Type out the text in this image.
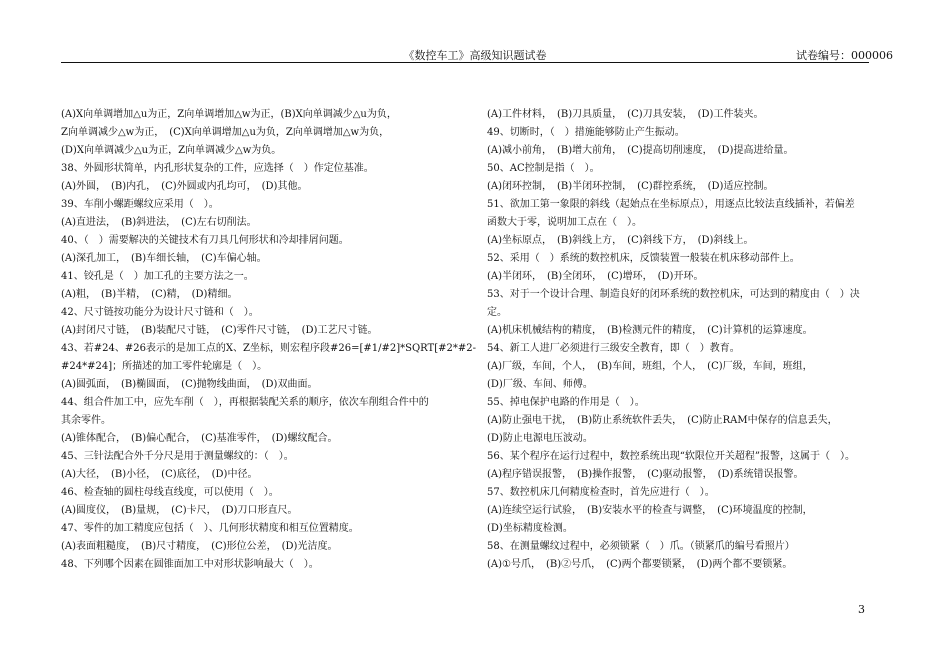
《数控车工》高级知识题试卷	试卷编号：000006
(A)X向单调增加△u为正，Z向单调增加△w为正，(B)X向单调减少△u为负，
Z向单调减少△w为正，　(C)X向单调增加△u为负，Z向单调增加△w为负，
(D)X向单调减少△u为正，Z向单调减少△w为负。
38、外圆形状简单，内孔形状复杂的工件，应选择（　）作定位基准。
(A)外圆，　(B)内孔，　(C)外圆或内孔均可，　(D)其他。
39、车削小螺距螺纹应采用（　）。
(A)直进法，　(B)斜进法，　(C)左右切削法。
40、（　）需要解决的关键技术有刀具几何形状和冷却排屑问题。
(A)深孔加工，　(B)车细长轴，　(C)车偏心轴。
41、铰孔是（　）加工孔的主要方法之一。
(A)粗，　(B)半精，　(C)精，　(D)精细。
42、尺寸链按功能分为设计尺寸链和（　）。
(A)封闭尺寸链，　(B)装配尺寸链，　(C)零件尺寸链，　(D)工艺尺寸链。
43、若#24、#26表示的是加工点的X、Z坐标，则宏程序段#26=[#1/#2]*SQRT[#2*#2-
#24*#24]；所描述的加工零件轮廓是（　）。
(A)圆弧面，　(B)椭圆面，　(C)抛物线曲面，　(D)双曲面。
44、组合件加工中，应先车削（　），再根据装配关系的顺序，依次车削组合件中的
其余零件。
(A)锥体配合，　(B)偏心配合，　(C)基准零件，　(D)螺纹配合。
45、三针法配合外千分尺是用于测量螺纹的：（　）。
(A)大径，　(B)小径，　(C)底径，　(D)中径。
46、检查轴的圆柱母线直线度，可以使用（　）。
(A)圆度仪，　(B)量规，　(C)卡尺，　(D)刀口形直尺。
47、零件的加工精度应包括（　）、几何形状精度和相互位置精度。
(A)表面粗糙度，　(B)尺寸精度，　(C)形位公差，　(D)光洁度。
48、下列哪个因素在圆锥面加工中对形状影响最大（　）。
(A)工件材料，　(B)刀具质量，　(C)刀具安装，　(D)工件装夹。
49、切断时，（　）措施能够防止产生振动。
(A)减小前角，　(B)增大前角，　(C)提高切削速度，　(D)提高进给量。
50、AC控制是指（　）。
(A)闭环控制，　(B)半闭环控制，　(C)群控系统，　(D)适应控制。
51、欲加工第一象限的斜线（起始点在坐标原点），用逐点比较法直线插补，若偏差
函数大于零，说明加工点在（　）。
(A)坐标原点，　(B)斜线上方，　(C)斜线下方，　(D)斜线上。
52、采用（　）系统的数控机床，反馈装置一般装在机床移动部件上。
(A)半闭环，　(B)全闭环，　(C)增环，　(D)开环。
53、对于一个设计合理、制造良好的闭环系统的数控机床，可达到的精度由（　）决
定。
(A)机床机械结构的精度，　(B)检测元件的精度，　(C)计算机的运算速度。
54、新工人进厂必须进行三级安全教育，即（　）教育。
(A)厂级，车间，个人，　(B)车间，班组，个人，　(C)厂级，车间，班组，
(D)厂级、车间、师傅。
55、掉电保护电路的作用是（　）。
(A)防止强电干扰，　(B)防止系统软件丢失，　(C)防止RAM中保存的信息丢失，
(D)防止电源电压波动。
56、某个程序在运行过程中，数控系统出现“软限位开关超程”报警，这属于（　）。
(A)程序错误报警，　(B)操作报警，　(C)驱动报警，　(D)系统错误报警。
57、数控机床几何精度检查时，首先应进行（　）。
(A)连续空运行试验，　(B)安装水平的检查与调整，　(C)环境温度的控制，
(D)坐标精度检测。
58、在测量螺纹过程中，必须锁紧（　）爪。（锁紧爪的编号看照片）
(A)①号爪，　(B)②号爪，　(C)两个都要锁紧，　(D)两个都不要锁紧。
3
